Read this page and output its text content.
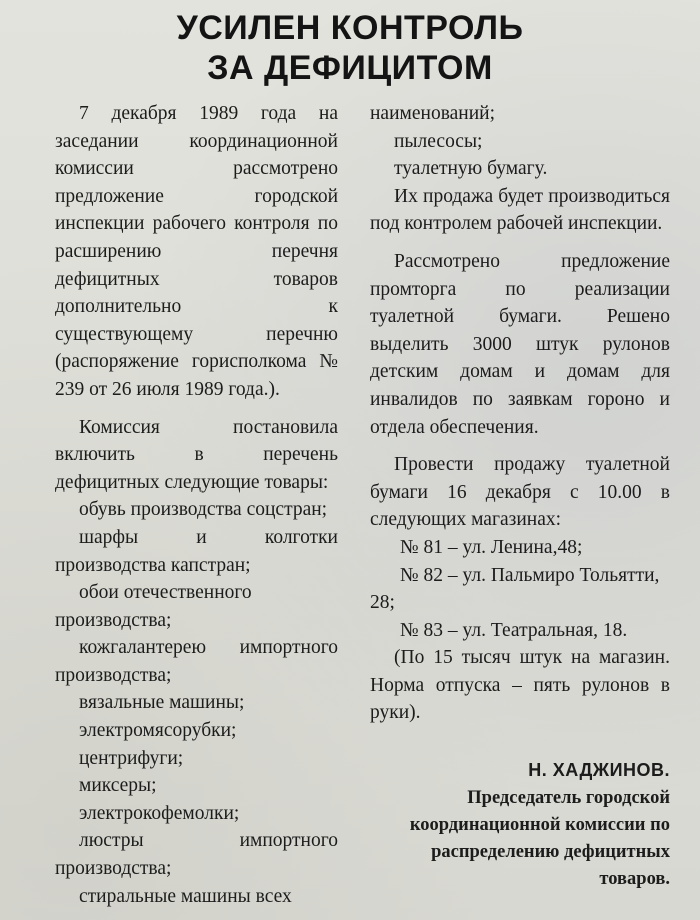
УСИЛЕН КОНТРОЛЬ
ЗА ДЕФИЦИТОМ

7 декабря 1989 года на заседании координационной комиссии рассмотрено предложение городской инспекции рабочего контроля по расширению перечня дефицитных товаров дополнительно к существующему перечню (распоряжение горисполкома № 239 от 26 июля 1989 года.).

Комиссия постановила включить в перечень дефицитных следующие товары:

обувь производства соцстран;

шарфы и колготки производства капстран;

обои отечественного производства;

кожгалантерею импортного производства;

вязальные машины;

электромясорубки;

центрифуги;

миксеры;

электрокофемолки;

люстры импортного производства;

стиральные машины всех

наименований;

пылесосы;

туалетную бумагу.

Их продажа будет производиться под контролем рабочей инспекции.

Рассмотрено предложение промторга по реализации туалетной бумаги. Решено выделить 3000 штук рулонов детским домам и домам для инвалидов по заявкам гороно и отдела обеспечения.

Провести продажу туалетной бумаги 16 декабря с 10.00 в следующих магазинах:

№ 81 – ул. Ленина,48;

№ 82 – ул. Пальмиро Тольятти, 28;

№ 83 – ул. Театральная, 18.

(По 15 тысяч штук на магазин. Норма отпуска – пять рулонов в руки).

Н. ХАДЖИНОВ.

Председатель городской координационной комиссии по распределению дефицитных товаров.
